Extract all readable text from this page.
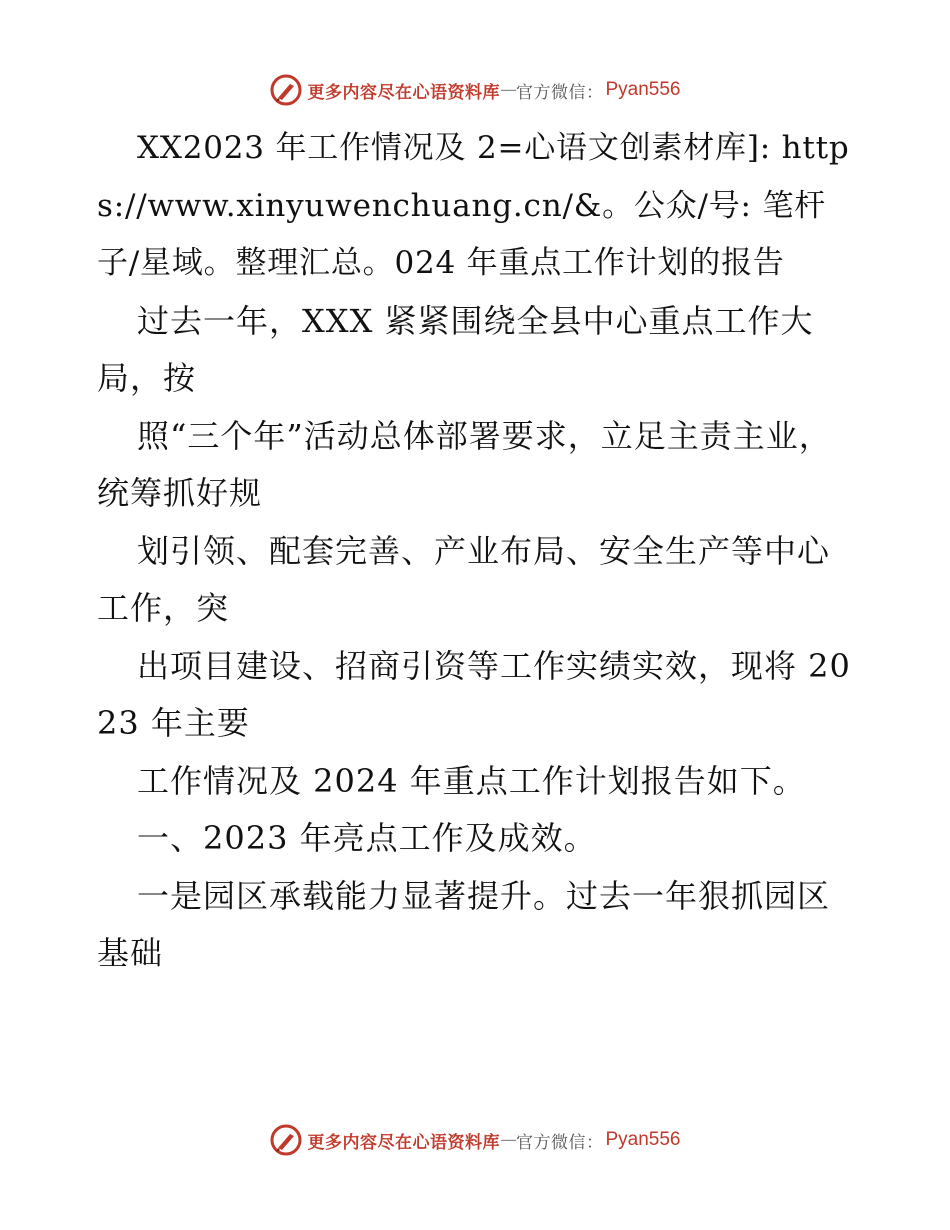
更多内容尽在心语资料库 — 官方微信： Pyan556

XX2023 年工作情况及 2=心语文创素材库]: https://www.xinyuwenchuang.cn/&。公众/号: 笔杆子/星域。整理汇总。024 年重点工作计划的报告

过去一年，XXX 紧紧围绕全县中心重点工作大局，按

照“三个年”活动总体部署要求，立足主责主业，统筹抓好规

划引领、配套完善、产业布局、安全生产等中心工作，突

出项目建设、招商引资等工作实绩实效，现将 2023 年主要

工作情况及 2024 年重点工作计划报告如下。

一、2023 年亮点工作及成效。

一是园区承载能力显著提升。过去一年狠抓园区基础

更多内容尽在心语资料库 — 官方微信： Pyan556
